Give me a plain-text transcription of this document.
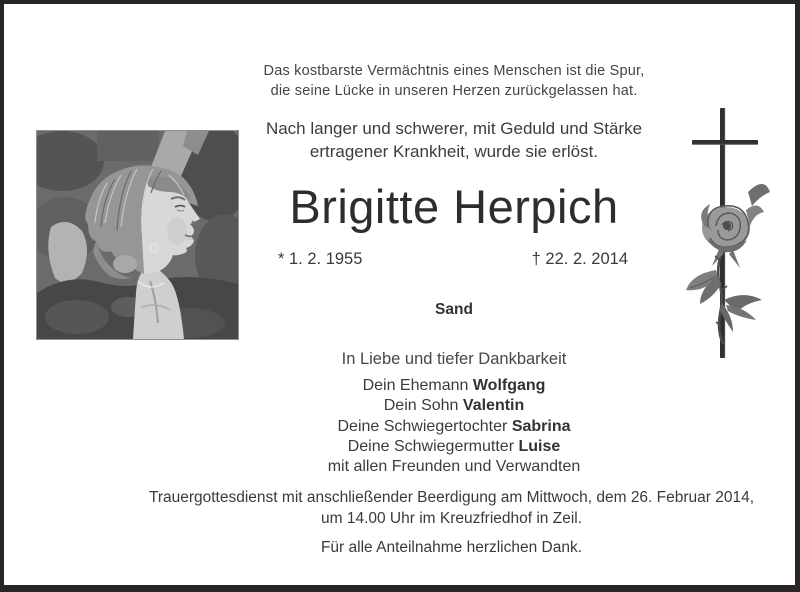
Das kostbarste Vermächtnis eines Menschen ist die Spur,

die seine Lücke in unseren Herzen zurückgelassen hat.

Nach langer und schwerer, mit Geduld und Stärke

ertragener Krankheit, wurde sie erlöst.

Brigitte Herpich
* 1. 2. 1955	† 22. 2. 2014
Sand
In Liebe und tiefer Dankbarkeit

Dein Ehemann Wolfgang

Dein Sohn Valentin

Deine Schwiegertochter Sabrina

Deine Schwiegermutter Luise

mit allen Freunden und Verwandten

Trauergottesdienst mit anschließender Beerdigung am Mittwoch, dem 26. Februar 2014,

um 14.00 Uhr im Kreuzfriedhof in Zeil.

Für alle Anteilnahme herzlichen Dank.
